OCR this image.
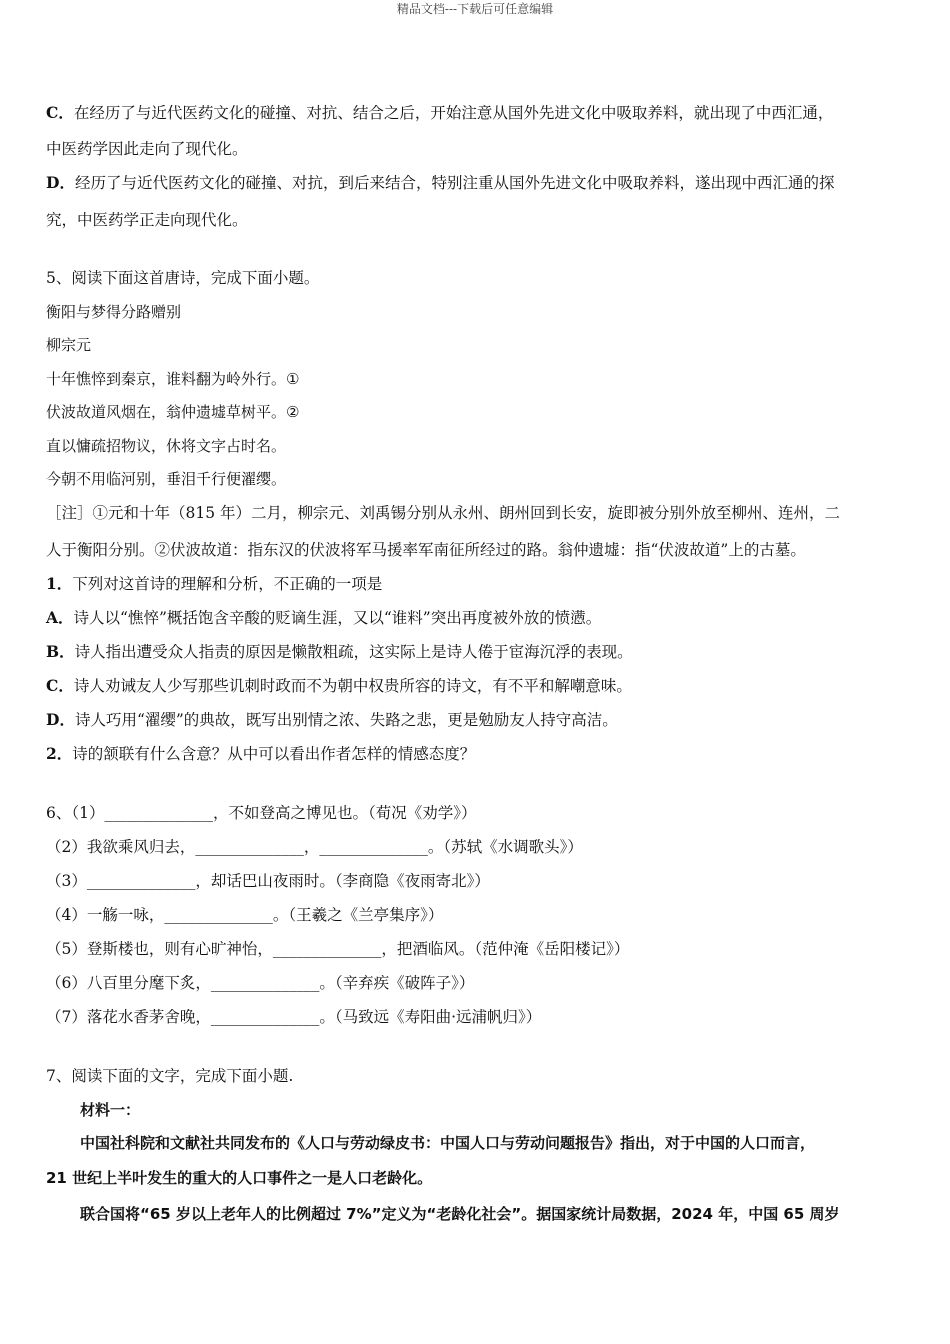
精品文档---下载后可任意编辑
C．在经历了与近代医药文化的碰撞、对抗、结合之后，开始注意从国外先进文化中吸取养料，就出现了中西汇通，
中医药学因此走向了现代化。
D．经历了与近代医药文化的碰撞、对抗，到后来结合，特别注重从国外先进文化中吸取养料，遂出现中西汇通的探
究，中医药学正走向现代化。
5、阅读下面这首唐诗，完成下面小题。
衡阳与梦得分路赠别
柳宗元
十年憔悴到秦京，谁料翻为岭外行。①
伏波故道风烟在，翁仲遗墟草树平。②
直以慵疏招物议，休将文字占时名。
今朝不用临河别，垂泪千行便濯缨。
［注］①元和十年（815 年）二月，柳宗元、刘禹锡分别从永州、朗州回到长安，旋即被分别外放至柳州、连州，二
人于衡阳分别。②伏波故道：指东汉的伏波将军马援率军南征所经过的路。翁仲遗墟：指“伏波故道”上的古墓。
1．下列对这首诗的理解和分析，不正确的一项是
A．诗人以“憔悴”概括饱含辛酸的贬谪生涯，又以“谁料”突出再度被外放的愤懑。
B．诗人指出遭受众人指责的原因是懒散粗疏，这实际上是诗人倦于宦海沉浮的表现。
C．诗人劝诫友人少写那些讥刺时政而不为朝中权贵所容的诗文，有不平和解嘲意味。
D．诗人巧用“濯缨”的典故，既写出别情之浓、失路之悲，更是勉励友人持守高洁。
2．诗的颔联有什么含意？从中可以看出作者怎样的情感态度？
6、（1）______________，不如登高之博见也。（荀况《劝学》）
（2）我欲乘风归去，______________，______________。（苏轼《水调歌头》）
（3）______________，却话巴山夜雨时。（李商隐《夜雨寄北》）
（4）一觞一咏，______________。（王羲之《兰亭集序》）
（5）登斯楼也，则有心旷神怡，______________，把酒临风。（范仲淹《岳阳楼记》）
（6）八百里分麾下炙，______________。（辛弃疾《破阵子》）
（7）落花水香茅舍晚，______________。（马致远《寿阳曲·远浦帆归》）
7、阅读下面的文字，完成下面小题.
材料一：
中国社科院和文献社共同发布的《人口与劳动绿皮书：中国人口与劳动问题报告》指出，对于中国的人口而言，
21 世纪上半叶发生的重大的人口事件之一是人口老龄化。
联合国将“65 岁以上老年人的比例超过 7%”定义为“老龄化社会”。据国家统计局数据，2024 年，中国 65 周岁
